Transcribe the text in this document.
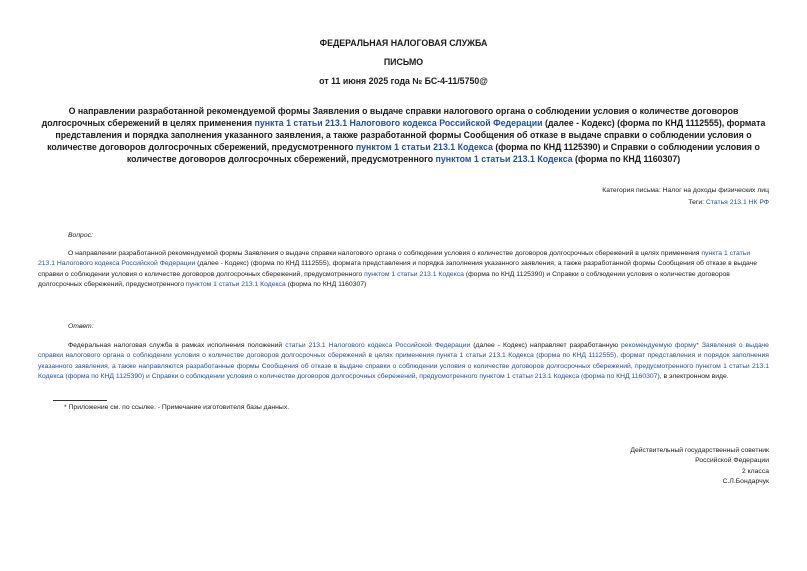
ФЕДЕРАЛЬНАЯ НАЛОГОВАЯ СЛУЖБА
ПИСЬМО
от 11 июня 2025 года № БС-4-11/5750@
О направлении разработанной рекомендуемой формы Заявления о выдаче справки налогового органа о соблюдении условия о количестве договоров долгосрочных сбережений в целях применения пункта 1 статьи 213.1 Налогового кодекса Российской Федерации (далее - Кодекс) (форма по КНД 1112555), формата представления и порядка заполнения указанного заявления, а также разработанной формы Сообщения об отказе в выдаче справки о соблюдении условия о количестве договоров долгосрочных сбережений, предусмотренного пунктом 1 статьи 213.1 Кодекса (форма по КНД 1125390) и Справки о соблюдении условия о количестве договоров долгосрочных сбережений, предусмотренного пунктом 1 статьи 213.1 Кодекса (форма по КНД 1160307)
Категория письма: Налог на доходы физических лиц
Теги: Статья 213.1 НК РФ
Вопрос:
О направлении разработанной рекомендуемой формы Заявления о выдаче справки налогового органа о соблюдении условия о количестве договоров долгосрочных сбережений в целях применения пункта 1 статьи 213.1 Налогового кодекса Российской Федерации (далее - Кодекс) (форма по КНД 1112555), формата представления и порядка заполнения указанного заявления, а также разработанной формы Сообщения об отказе в выдаче справки о соблюдении условия о количестве договоров долгосрочных сбережений, предусмотренного пунктом 1 статьи 213.1 Кодекса (форма по КНД 1125390) и Справки о соблюдении условия о количестве договоров долгосрочных сбережений, предусмотренного пунктом 1 статьи 213.1 Кодекса (форма по КНД 1160307)
Ответ:
Федеральная налоговая служба в рамках исполнения положений статьи 213.1 Налогового кодекса Российской Федерации (далее - Кодекс) направляет разработанную рекомендуемую форму* Заявления о выдаче справки налогового органа о соблюдении условия о количестве договоров долгосрочных сбережений в целях применения пункта 1 статьи 213.1 Кодекса (форма по КНД 1112555), формат представления и порядок заполнения указанного заявления, а также направляются разработанные формы Сообщения об отказе в выдаче справки о соблюдении условия о количестве договоров долгосрочных сбережений, предусмотренного пунктом 1 статьи 213.1 Кодекса (форма по КНД 1125390) и Справки о соблюдении условия о количестве договоров долгосрочных сбережений, предусмотренного пунктом 1 статьи 213.1 Кодекса (форма по КНД 1160307), в электронном виде.
* Приложение см. по ссылке. - Примечание изготовителя базы данных.
Действительный государственный советник
Российской Федерации
2 класса
С.Л.Бондарчук
